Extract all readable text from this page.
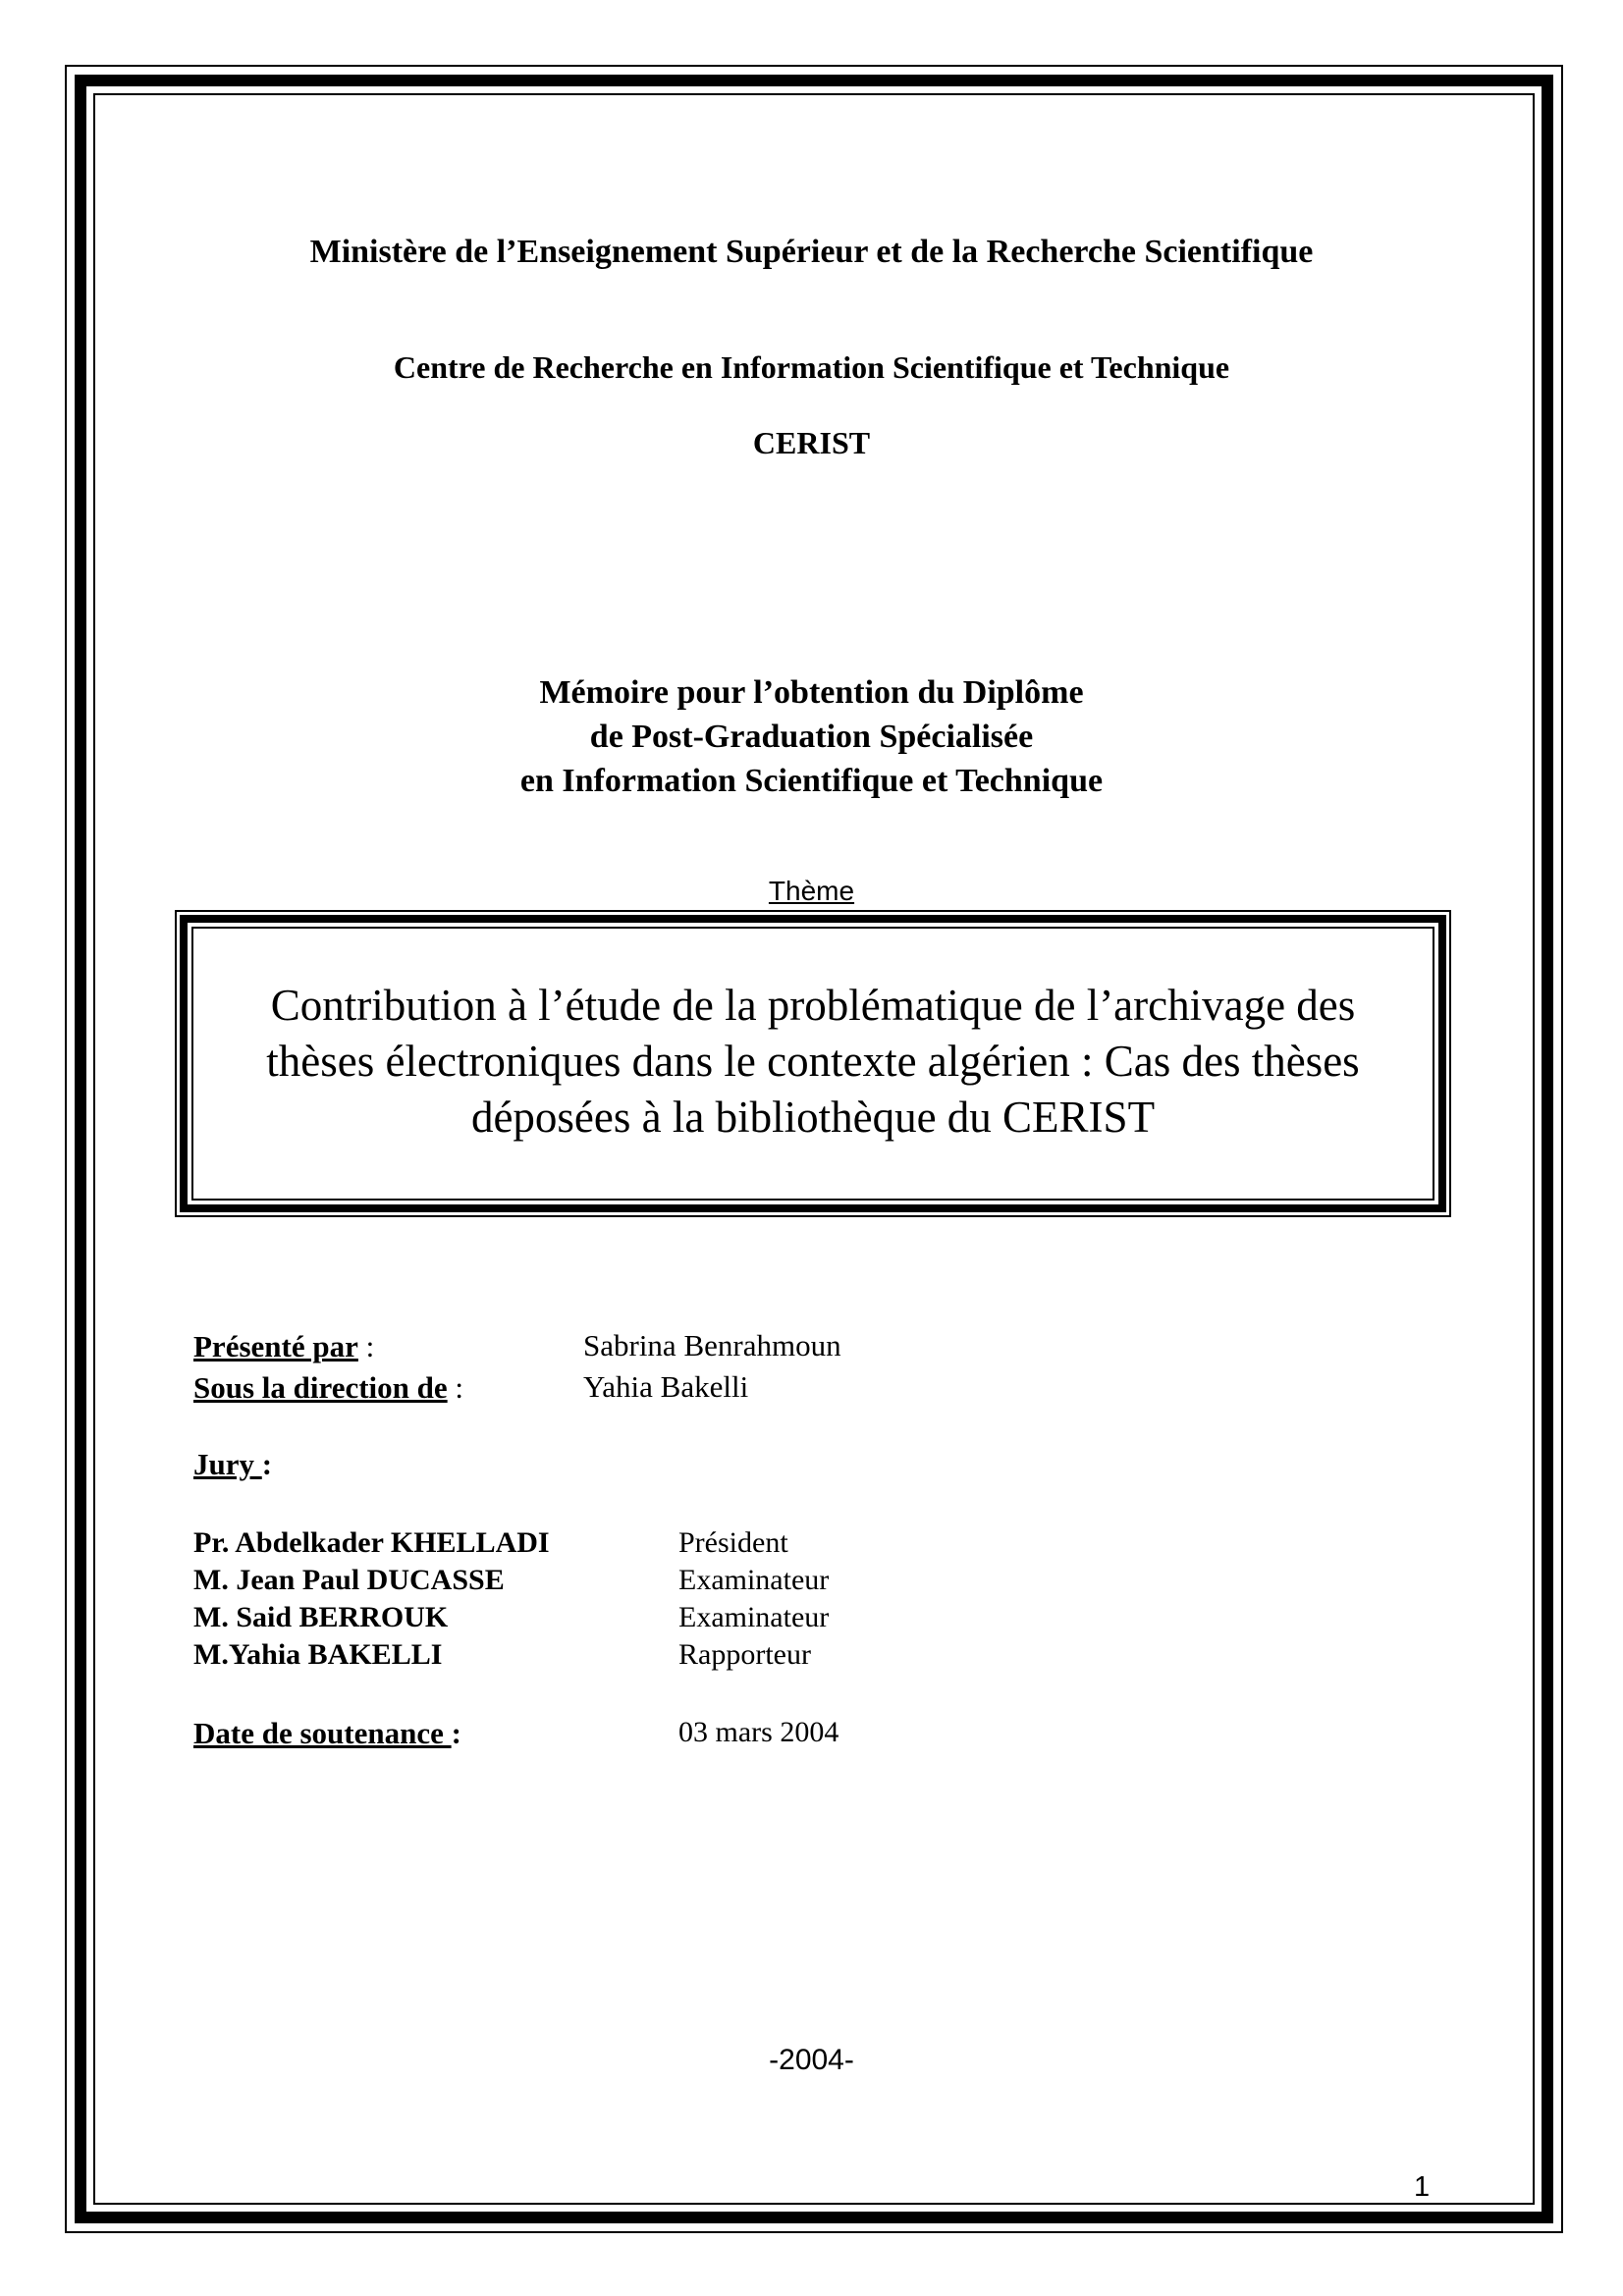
Ministère de l’Enseignement Supérieur et de la Recherche Scientifique
Centre de Recherche en Information Scientifique et Technique
CERIST
Mémoire pour l’obtention du Diplôme
de Post-Graduation Spécialisée
en Information Scientifique et Technique
Thème
Contribution à l’étude de la problématique de l’archivage des
thèses électroniques dans le contexte algérien : Cas des thèses
déposées à la bibliothèque du CERIST
Présenté par :	Sabrina Benrahmoun
Sous la direction de :	Yahia Bakelli
Jury :
Pr. Abdelkader KHELLADI	Président
M. Jean Paul DUCASSE	Examinateur
M. Said BERROUK	Examinateur
M.Yahia BAKELLI	Rapporteur
Date de soutenance :	03 mars 2004
-2004-
1
